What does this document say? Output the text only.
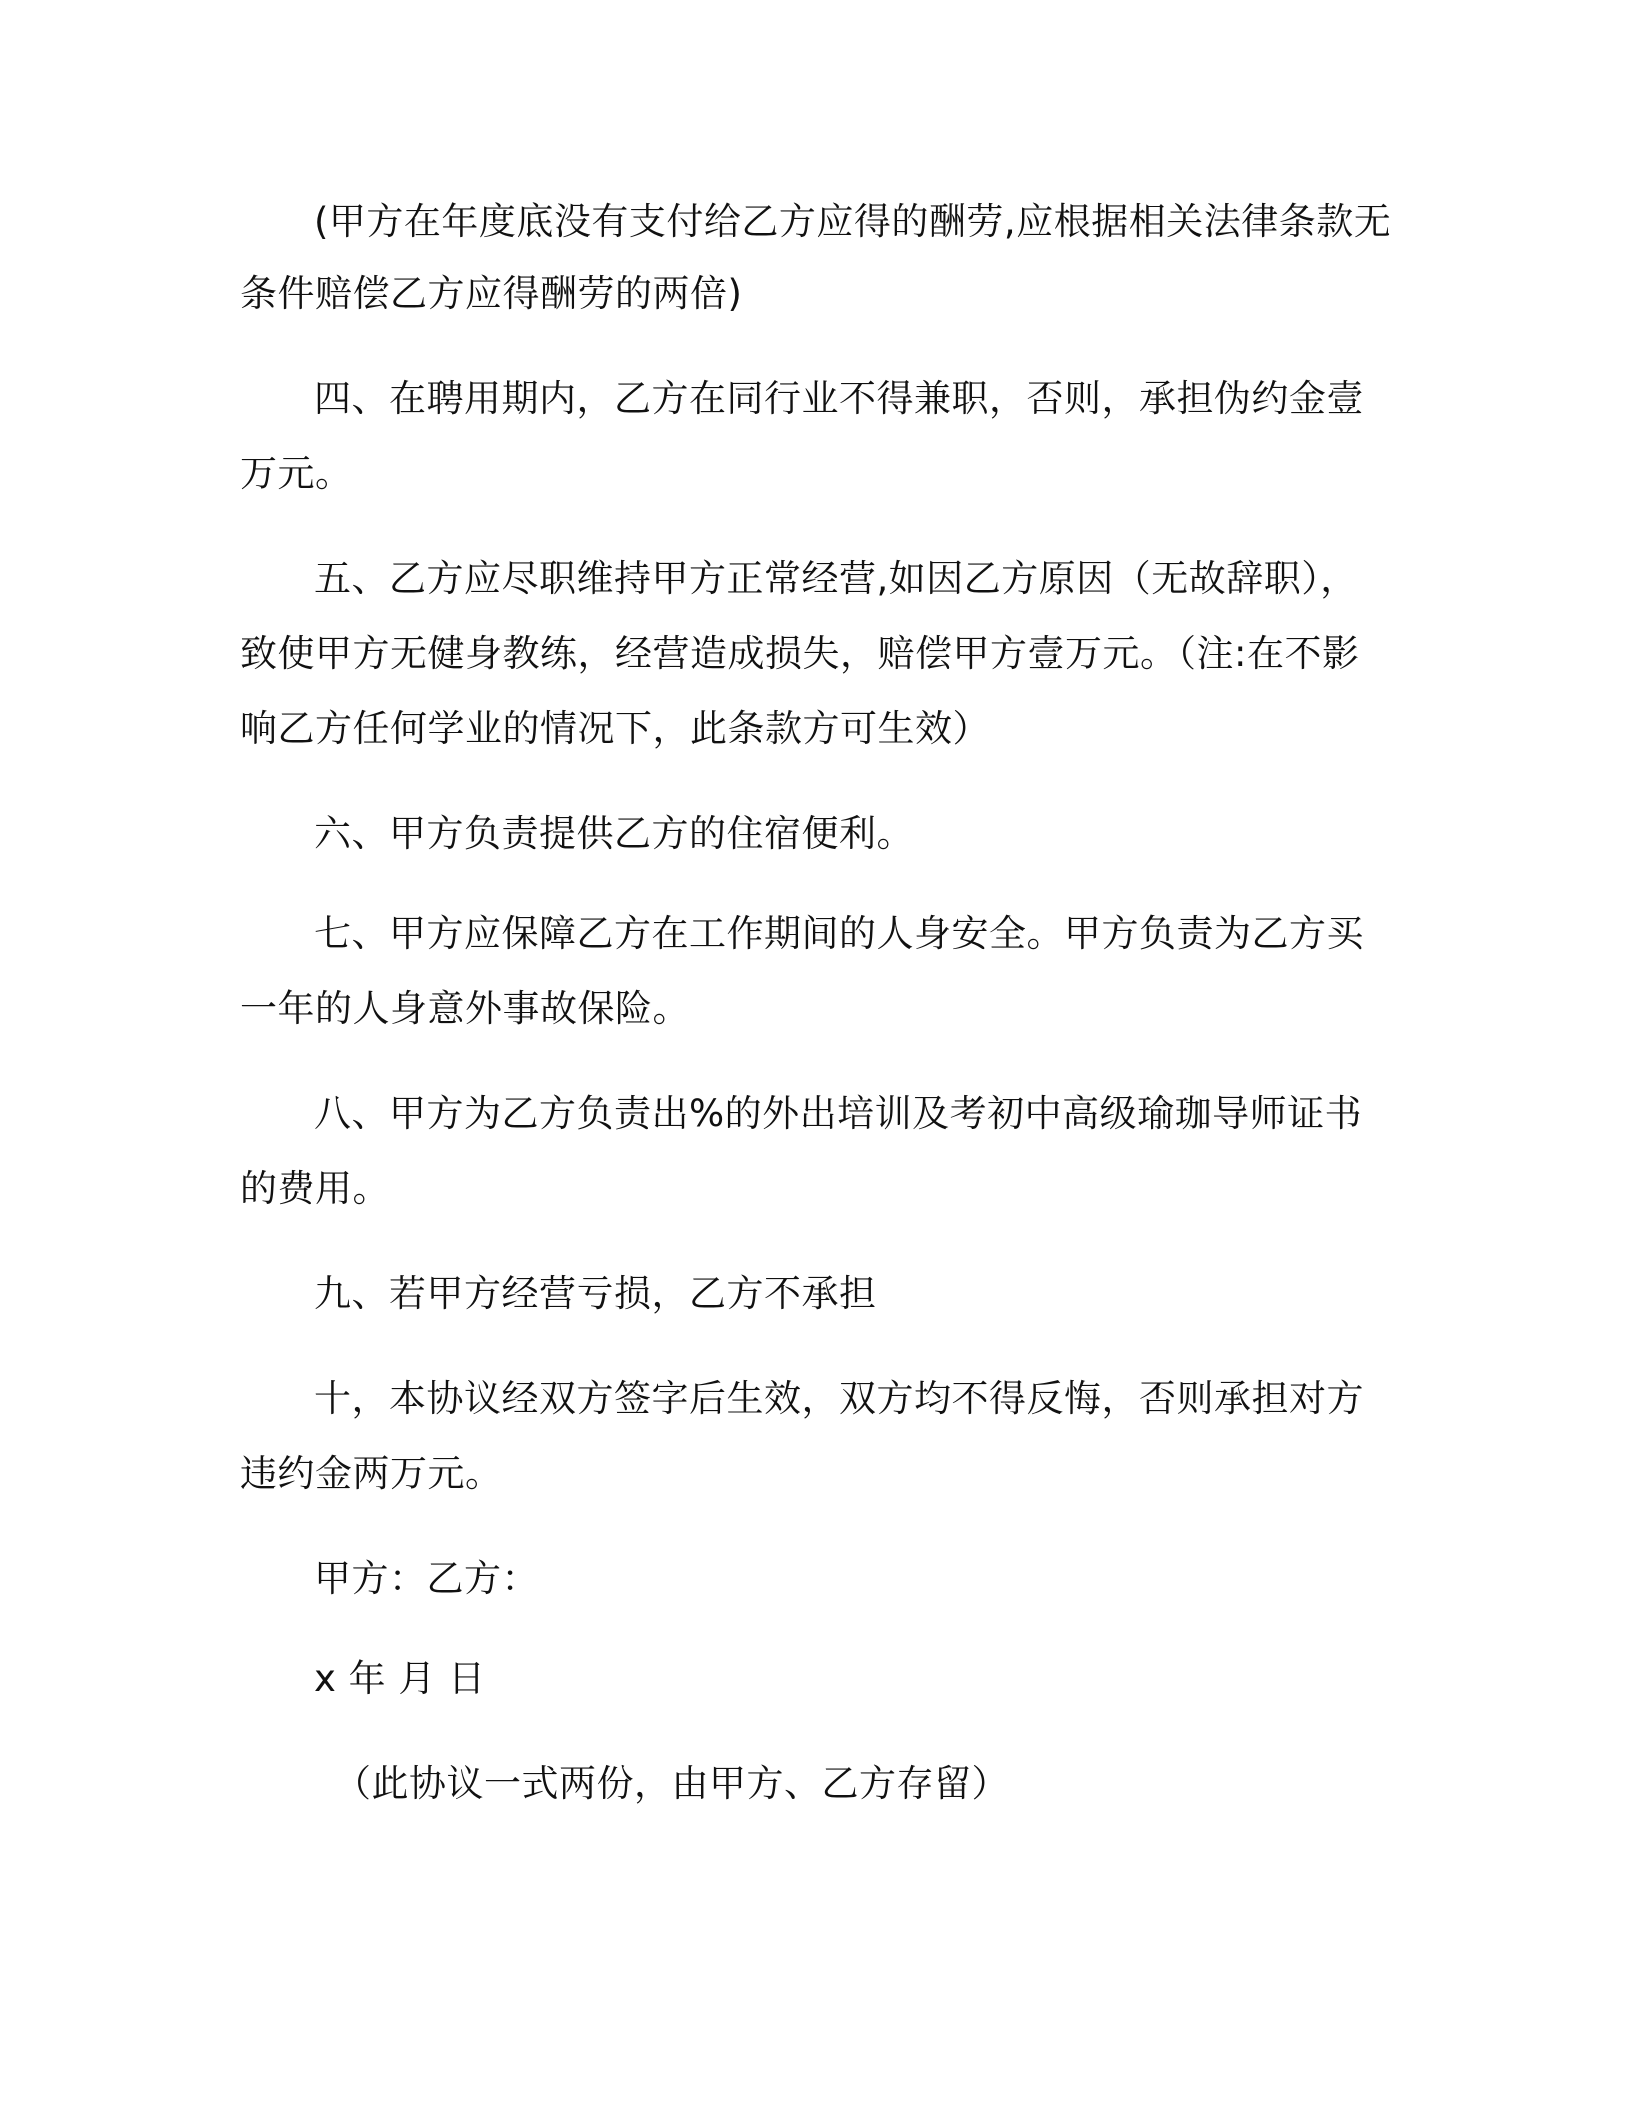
(甲方在年度底没有支付给乙方应得的酬劳,应根据相关法律条款无
条件赔偿乙方应得酬劳的两倍)
四、在聘用期内，乙方在同行业不得兼职，否则，承担伪约金壹
万元。
五、乙方应尽职维持甲方正常经营,如因乙方原因（无故辞职），
致使甲方无健身教练，经营造成损失，赔偿甲方壹万元。（注:在不影
响乙方任何学业的情况下，此条款方可生效）
六、甲方负责提供乙方的住宿便利。
七、甲方应保障乙方在工作期间的人身安全。甲方负责为乙方买
一年的人身意外事故保险。
八、甲方为乙方负责出%的外出培训及考初中高级瑜珈导师证书
的费用。
九、若甲方经营亏损，乙方不承担
十，本协议经双方签字后生效，双方均不得反悔，否则承担对方
违约金两万元。
甲方：乙方：
x 年 月 日
（此协议一式两份，由甲方、乙方存留）
